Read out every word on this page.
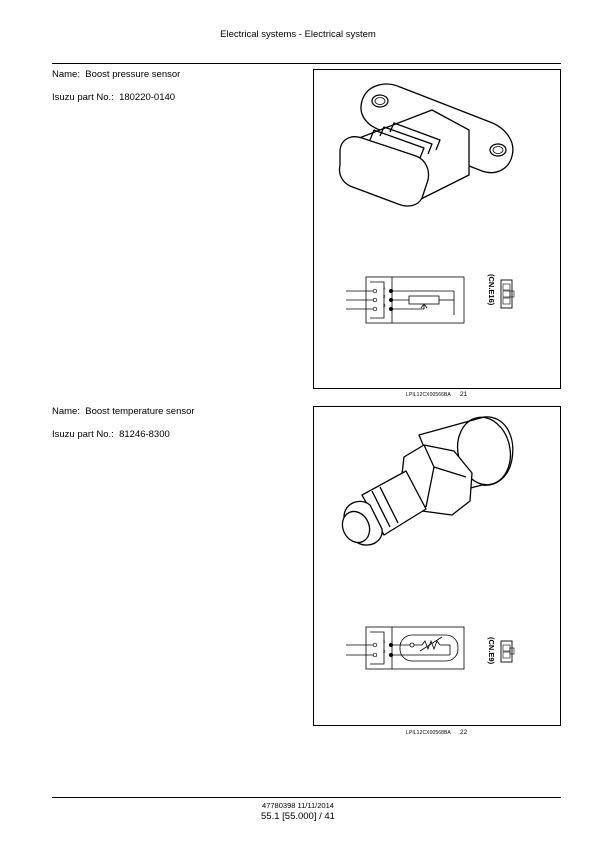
Electrical systems - Electrical system
Name: Boost pressure sensor
Isuzu part No.: 180220-0140
1
2
3
(CN.E16)
LPIL12CX00566BA 21
Name: Boost temperature sensor
Isuzu part No.: 81246-8300
1
2	(CN.E9)
LPIL12CX00568BA 22
47780398 11/11/2014
55.1 [55.000] / 41
